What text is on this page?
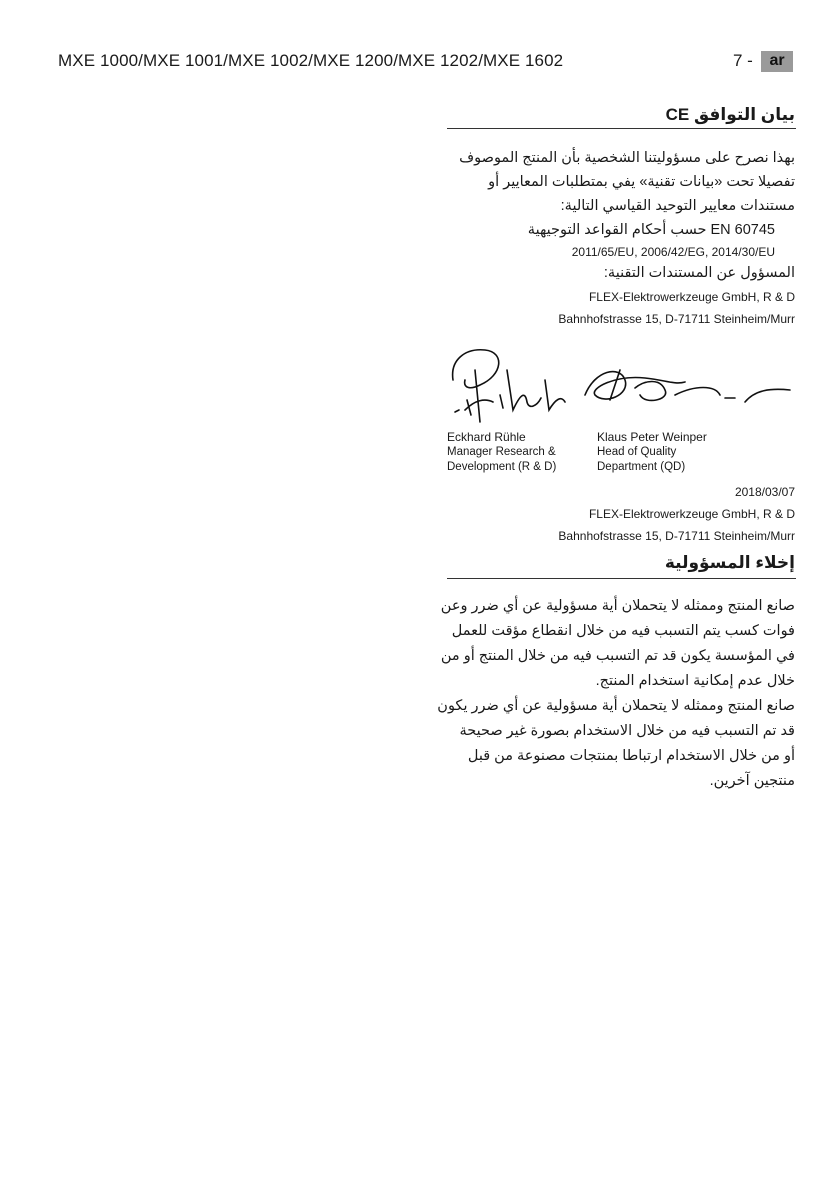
MXE 1000/MXE 1001/MXE 1002/MXE 1200/MXE 1202/MXE 1602	7 -	ar
بيان التوافق CE
بهذا نصرح على مسؤوليتنا الشخصية بأن المنتج الموصوف
تفصيلا تحت «بيانات تقنية» يفي بمتطلبات المعايير أو
مستندات معايير التوحيد القياسي التالية:
EN 60745 حسب أحكام القواعد التوجيهية
2011/65/EU, 2006/42/EG, 2014/30/EU
المسؤول عن المستندات التقنية:
FLEX-Elektrowerkzeuge GmbH, R & D
Bahnhofstrasse 15, D-71711 Steinheim/Murr
Eckhard Rühle
Manager Research &
Development (R & D)
Klaus Peter Weinper
Head of Quality
Department (QD)
2018/03/07
FLEX-Elektrowerkzeuge GmbH, R & D
Bahnhofstrasse 15, D-71711 Steinheim/Murr
إخلاء المسؤولية
صانع المنتج وممثله لا يتحملان أية مسؤولية عن أي ضرر وعن
فوات كسب يتم التسبب فيه من خلال انقطاع مؤقت للعمل
في المؤسسة يكون قد تم التسبب فيه من خلال المنتج أو من
خلال عدم إمكانية استخدام المنتج.
صانع المنتج وممثله لا يتحملان أية مسؤولية عن أي ضرر يكون
قد تم التسبب فيه من خلال الاستخدام بصورة غير صحيحة
أو من خلال الاستخدام ارتباطا بمنتجات مصنوعة من قبل
منتجين آخرين.
